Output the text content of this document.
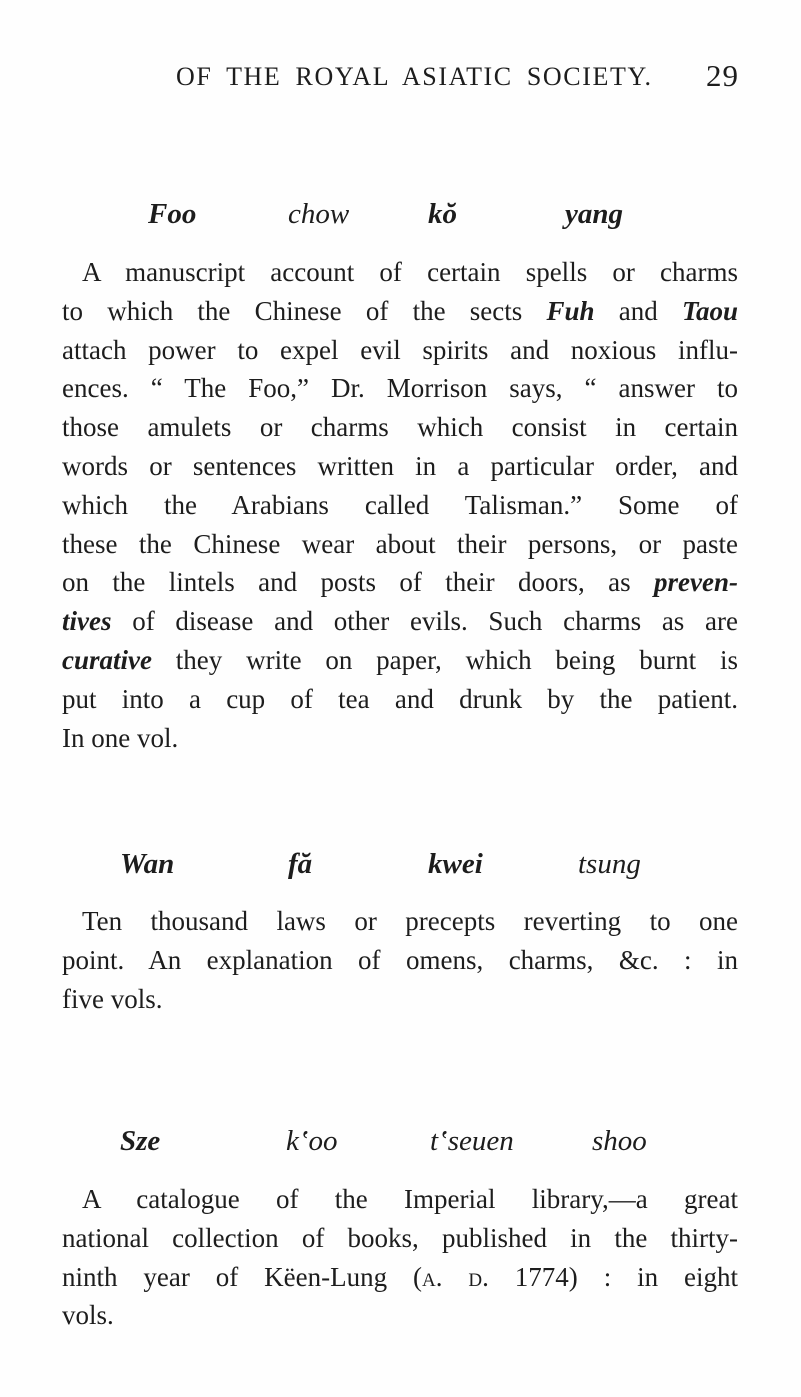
OF THE ROYAL ASIATIC SOCIETY. 29
Foo	chow	kŏ	yang
A manuscript account of certain spells or charms
to which the Chinese of the sects Fuh and Taou
attach power to expel evil spirits and noxious influ-
ences. “ The Foo,” Dr. Morrison says, “ answer to
those amulets or charms which consist in certain
words or sentences written in a particular order, and
which the Arabians called Talisman.” Some of
these the Chinese wear about their persons, or paste
on the lintels and posts of their doors, as preven-
tives of disease and other evils. Such charms as are
curative they write on paper, which being burnt is
put into a cup of tea and drunk by the patient.
In one vol.
Wan	fă	kwei	tsung
Ten thousand laws or precepts reverting to one
point. An explanation of omens, charms, &c. : in
five vols.
Sze	k‛oo	t‛seuen	shoo
A catalogue of the Imperial library,—a great
national collection of books, published in the thirty-
ninth year of Këen-Lung (a. d. 1774) : in eight
vols.
